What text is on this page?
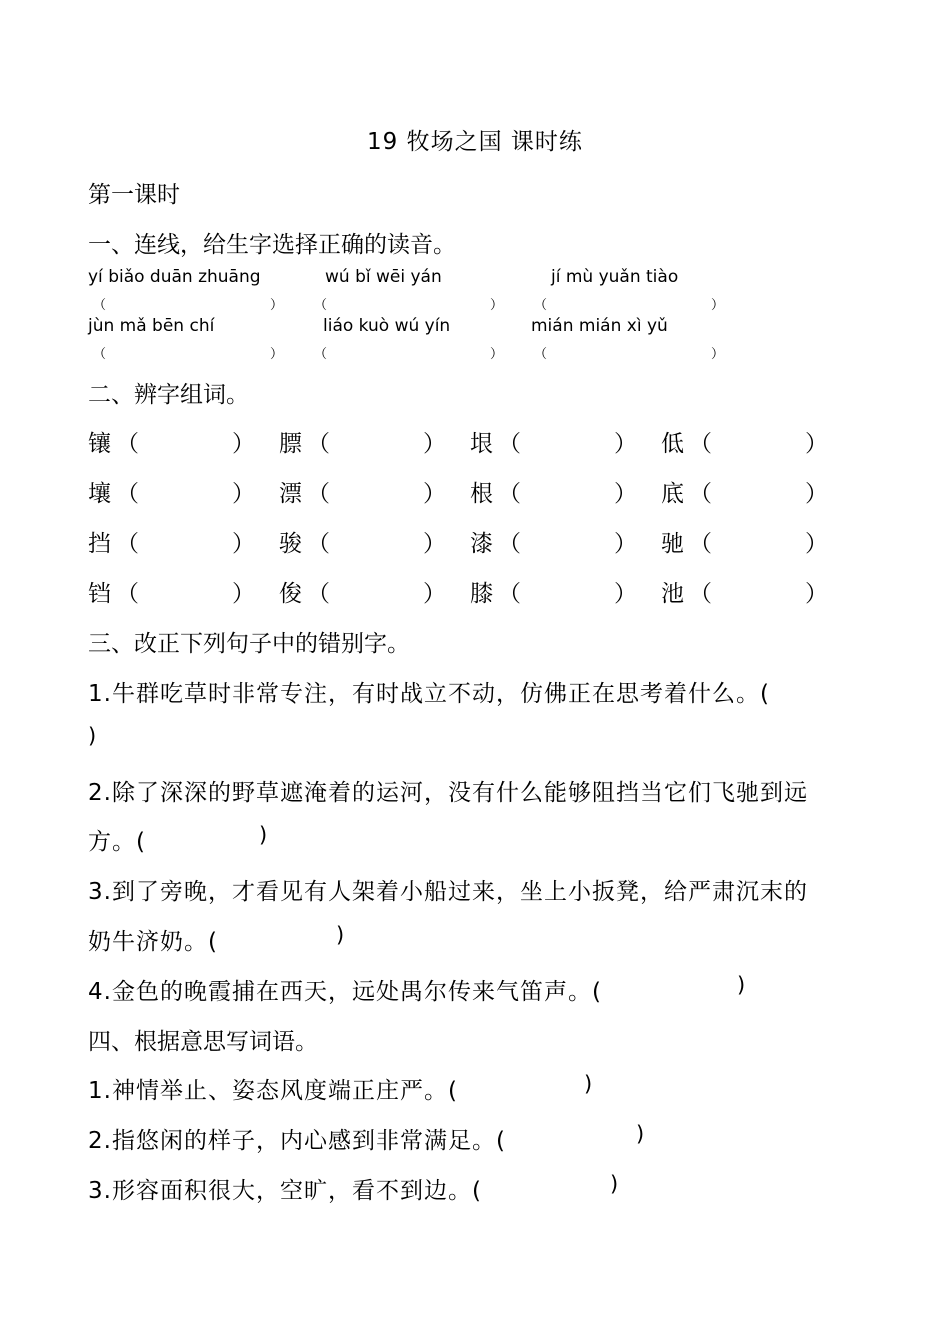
19 牧场之国 课时练
第一课时
一、连线，给生字选择正确的读音。
yí biǎo duān zhuāng	wú bǐ wēi yán	jí mù yuǎn tiào
（	） （	） （	）
jùn mǎ bēn chí	liáo kuò wú yín	mián mián xì yǔ
（	） （	） （	）
二、辨字组词。
镶 （	） 膘 （	） 垠 （	） 低 （	）
壤 （	） 漂 （	） 根 （	） 底 （	）
挡 （	） 骏 （	） 漆 （	） 驰 （	）
铛 （	） 俊 （	） 膝 （	） 池 （	）
三、改正下列句子中的错别字。
1.牛群吃草时非常专注，有时战立不动，仿佛正在思考着什么。(
)
2.除了深深的野草遮淹着的运河，没有什么能够阻挡当它们飞驰到远
方。(	)
3.到了旁晚，才看见有人架着小船过来，坐上小扳凳，给严肃沉末的
奶牛济奶。(	)
4.金色的晚霞捕在西天，远处禺尔传来气笛声。(	)
四、根据意思写词语。
1.神情举止、姿态风度端正庄严。(	)
2.指悠闲的样子，内心感到非常满足。(	)
3.形容面积很大，空旷，看不到边。(	)
